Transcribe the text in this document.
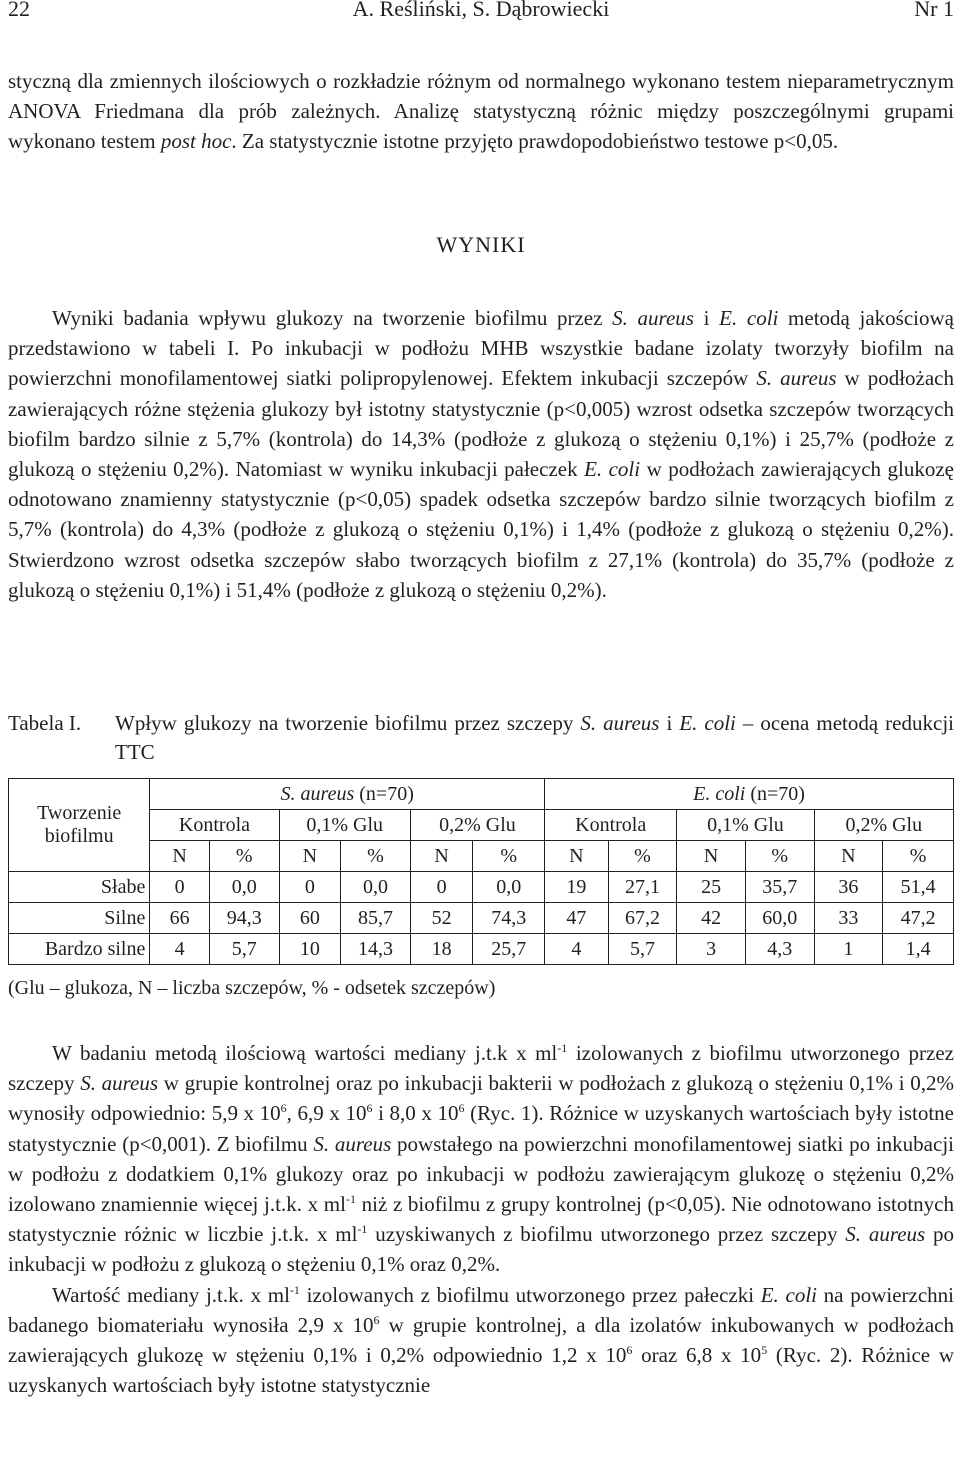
22	A. Reśliński, S. Dąbrowiecki	Nr 1

styczną dla zmiennych ilościowych o rozkładzie różnym od normalnego wykonano testem nieparametrycznym ANOVA Friedmana dla prób zależnych. Analizę statystyczną różnic między poszczególnymi grupami wykonano testem post hoc. Za statystycznie istotne przyjęto prawdopodobieństwo testowe p<0,05.

WYNIKI

Wyniki badania wpływu glukozy na tworzenie biofilmu przez S. aureus i E. coli metodą jakościową przedstawiono w tabeli I. Po inkubacji w podłożu MHB wszystkie badane izolaty tworzyły biofilm na powierzchni monofilamentowej siatki polipropylenowej. Efektem inkubacji szczepów S. aureus w podłożach zawierających różne stężenia glukozy był istotny statystycznie (p<0,005) wzrost odsetka szczepów tworzących biofilm bardzo silnie z 5,7% (kontrola) do 14,3% (podłoże z glukozą o stężeniu 0,1%) i 25,7% (podłoże z glukozą o stężeniu 0,2%). Natomiast w wyniku inkubacji pałeczek E. coli w podłożach zawierających glukozę odnotowano znamienny statystycznie (p<0,05) spadek odsetka szczepów bardzo silnie tworzących biofilm z 5,7% (kontrola) do 4,3% (podłoże z glukozą o stężeniu 0,1%) i 1,4% (podłoże z glukozą o stężeniu 0,2%). Stwierdzono wzrost odsetka szczepów słabo tworzących biofilm z 27,1% (kontrola) do 35,7% (podłoże z glukozą o stężeniu 0,1%) i 51,4% (podłoże z glukozą o stężeniu 0,2%).

Tabela I. Wpływ glukozy na tworzenie biofilmu przez szczepy S. aureus i E. coli – ocena metodą redukcji TTC
Tworzenie biofilmu	S. aureus (n=70)						E. coli (n=70)					
	Kontrola		0,1% Glu		0,2% Glu		Kontrola		0,1% Glu		0,2% Glu	
	N	%	N	%	N	%	N	%	N	%	N	%
Słabe	0	0,0	0	0,0	0	0,0	19	27,1	25	35,7	36	51,4
Silne	66	94,3	60	85,7	52	74,3	47	67,2	42	60,0	33	47,2
Bardzo silne	4	5,7	10	14,3	18	25,7	4	5,7	3	4,3	1	1,4
(Glu – glukoza, N – liczba szczepów, % - odsetek szczepów)

W badaniu metodą ilościową wartości mediany j.t.k x $ml^{-1}$ izolowanych z biofilmu utworzonego przez szczepy S. aureus w grupie kontrolnej oraz po inkubacji bakterii w podłożach z glukozą o stężeniu 0,1% i 0,2% wynosiły odpowiednio: 5,9 x $10^6$, 6,9 x $10^6$ i 8,0 x $10^6$ (Ryc. 1). Różnice w uzyskanych wartościach były istotne statystycznie (p<0,001). Z biofilmu S. aureus powstałego na powierzchni monofilamentowej siatki po inkubacji w podłożu z dodatkiem 0,1% glukozy oraz po inkubacji w podłożu zawierającym glukozę o stężeniu 0,2% izolowano znamiennie więcej j.t.k. x $ml^{-1}$ niż z biofilmu z grupy kontrolnej (p<0,05). Nie odnotowano istotnych statystycznie różnic w liczbie j.t.k. x $ml^{-1}$ uzyskiwanych z biofilmu utworzonego przez szczepy S. aureus po inkubacji w podłożu z glukozą o stężeniu 0,1% oraz 0,2%.

Wartość mediany j.t.k. x $ml^{-1}$ izolowanych z biofilmu utworzonego przez pałeczki E. coli na powierzchni badanego biomateriału wynosiła 2,9 x $10^6$ w grupie kontrolnej, a dla izolatów inkubowanych w podłożach zawierających glukozę w stężeniu 0,1% i 0,2% odpowiednio 1,2 x $10^6$ oraz 6,8 x $10^5$ (Ryc. 2). Różnice w uzyskanych wartościach były istotne statystycznie
